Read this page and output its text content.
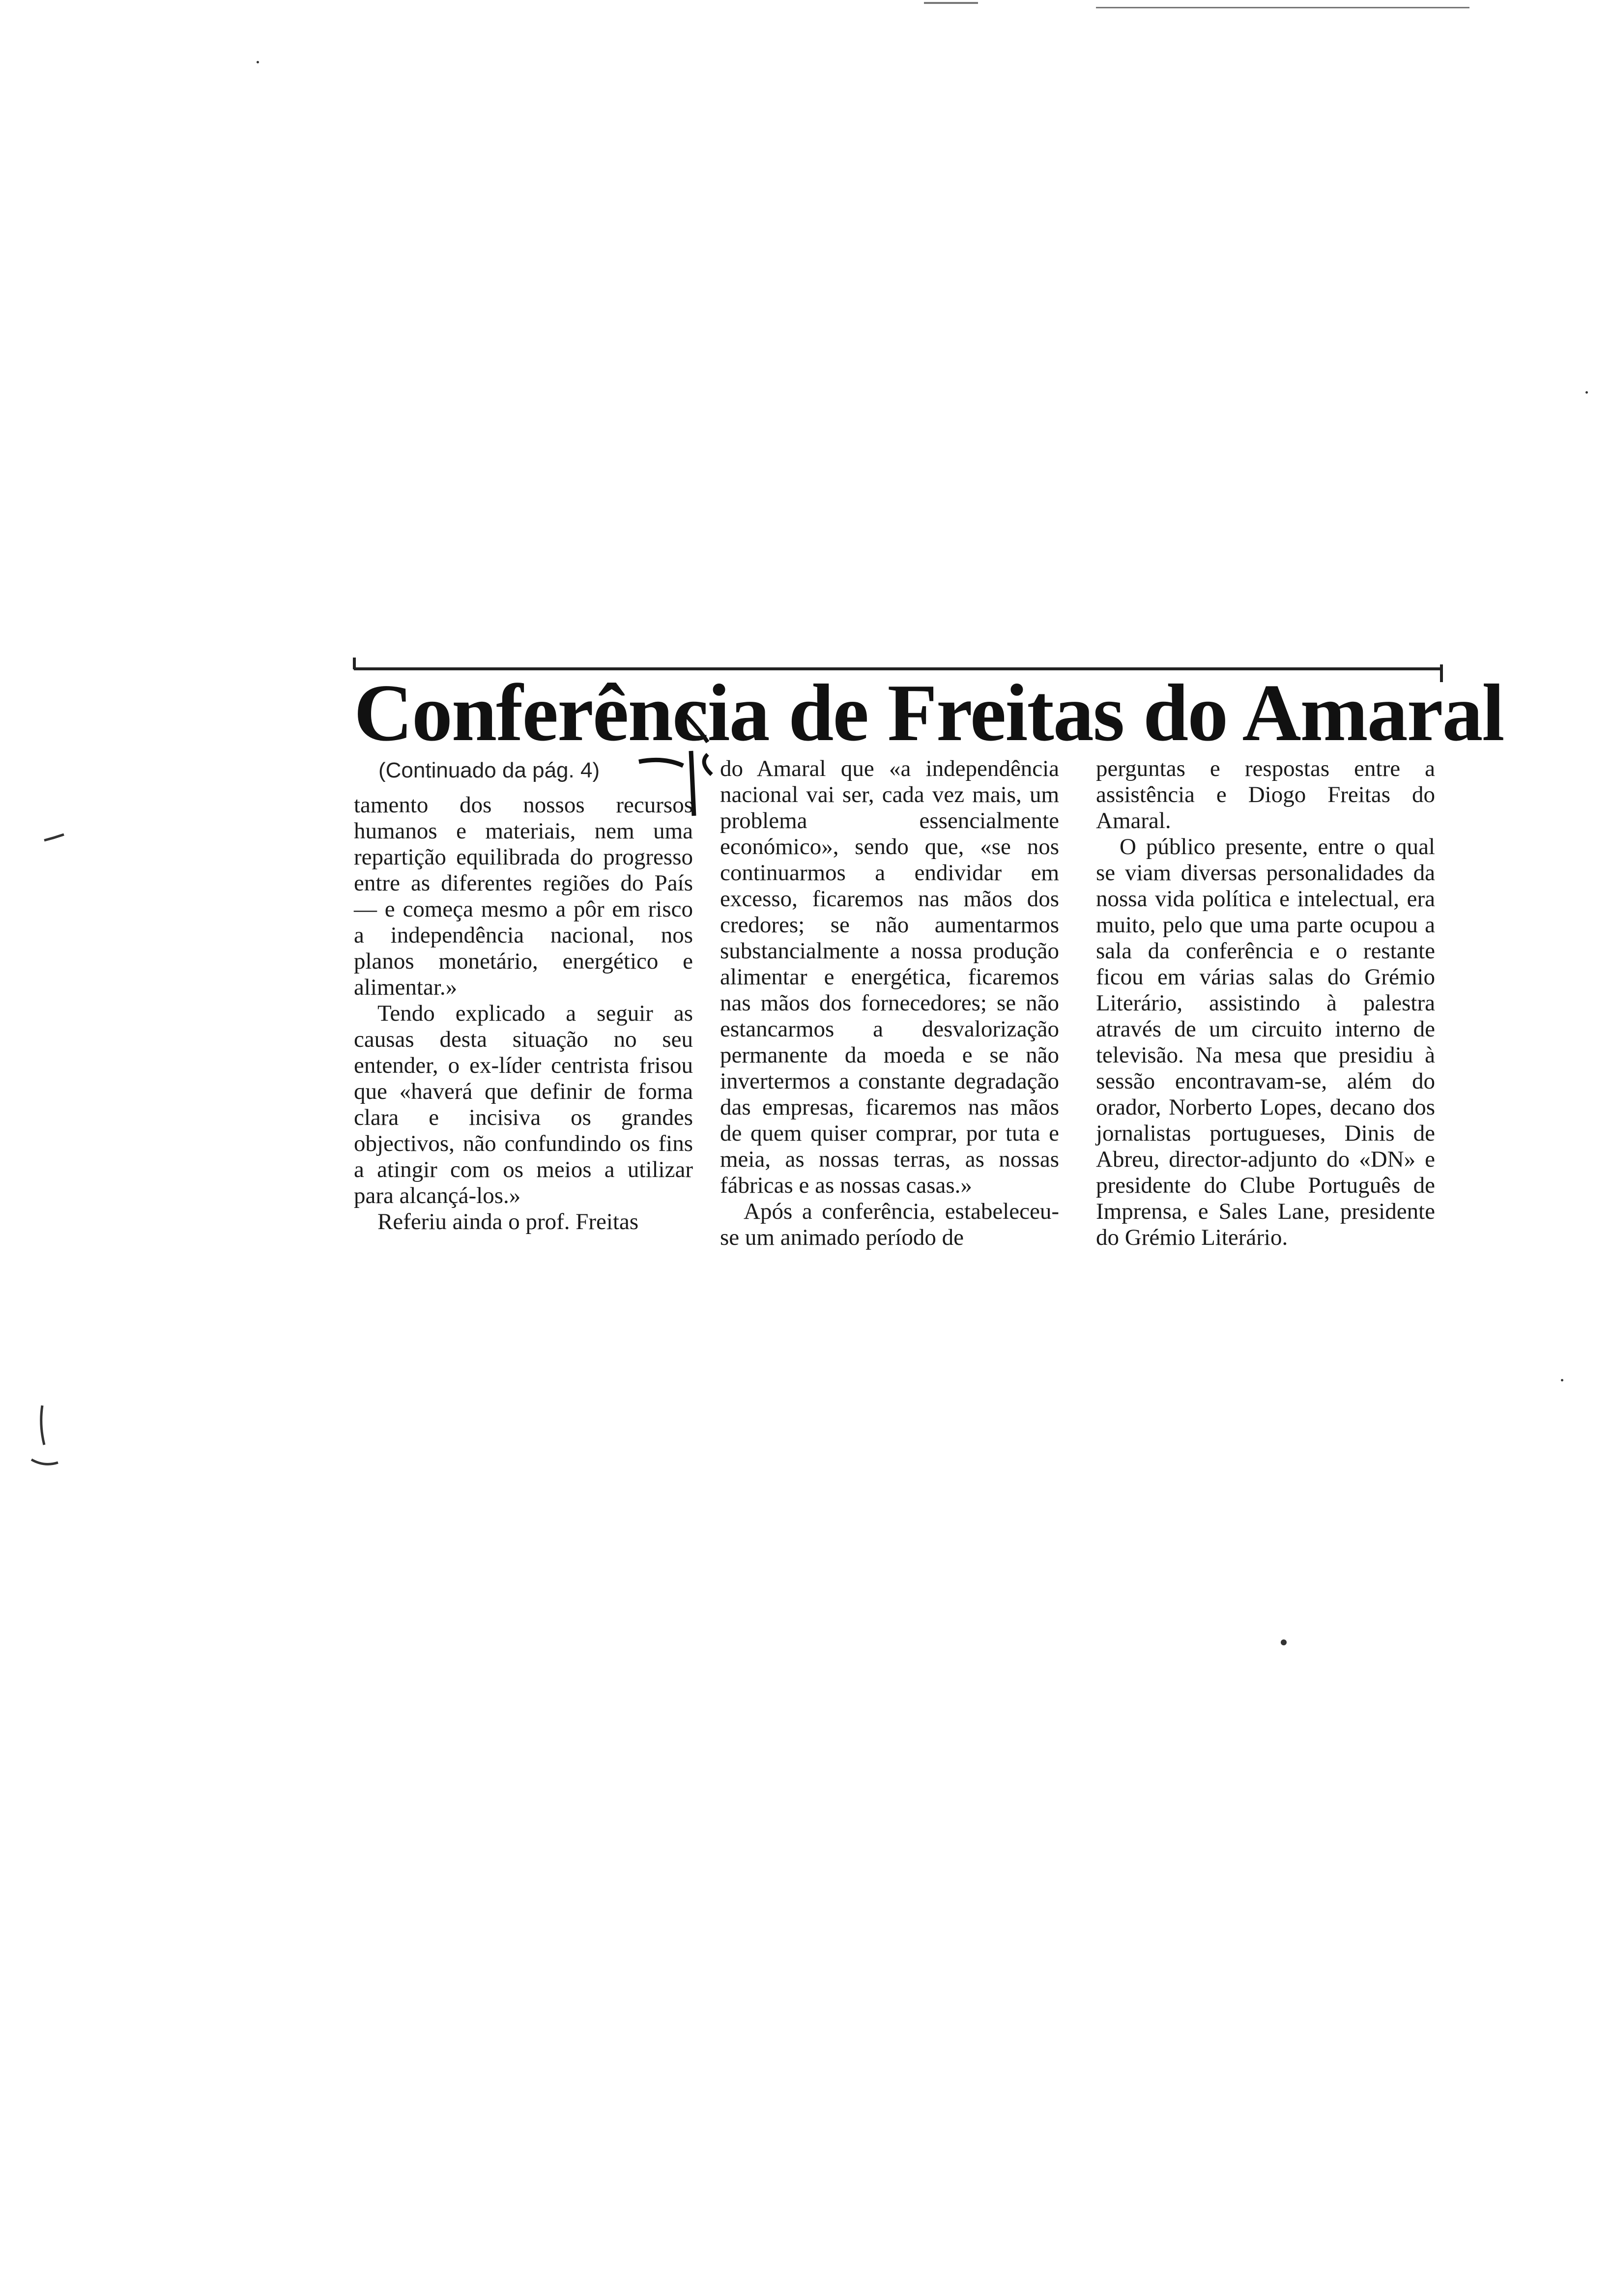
Conferência de Freitas do Amaral
(Continuado da pág. 4)

tamento dos nossos recursos humanos e materiais, nem uma repartição equilibrada do progresso entre as diferentes regiões do País — e começa mesmo a pôr em risco a independência nacional, nos planos monetário, energético e alimentar.»

Tendo explicado a seguir as causas desta situação no seu entender, o ex-líder centrista frisou que «haverá que definir de forma clara e incisiva os grandes objectivos, não confundindo os fins a atingir com os meios a utilizar para alcançá-los.»

Referiu ainda o prof. Freitas

do Amaral que «a independência nacional vai ser, cada vez mais, um problema essencialmente económico», sendo que, «se nos continuarmos a endividar em excesso, ficaremos nas mãos dos credores; se não aumentarmos substancialmente a nossa produção alimentar e energética, ficaremos nas mãos dos fornecedores; se não estancarmos a desvalorização permanente da moeda e se não invertermos a constante degradação das empresas, ficaremos nas mãos de quem quiser comprar, por tuta e meia, as nossas terras, as nossas fábricas e as nossas casas.»

Após a conferência, estabeleceu-se um animado período de

perguntas e respostas entre a assistência e Diogo Freitas do Amaral.

O público presente, entre o qual se viam diversas personalidades da nossa vida política e intelectual, era muito, pelo que uma parte ocupou a sala da conferência e o restante ficou em várias salas do Grémio Literário, assistindo à palestra através de um circuito interno de televisão. Na mesa que presidiu à sessão encontravam-se, além do orador, Norberto Lopes, decano dos jornalistas portugueses, Dinis de Abreu, director-adjunto do «DN» e presidente do Clube Português de Imprensa, e Sales Lane, presidente do Grémio Literário.
